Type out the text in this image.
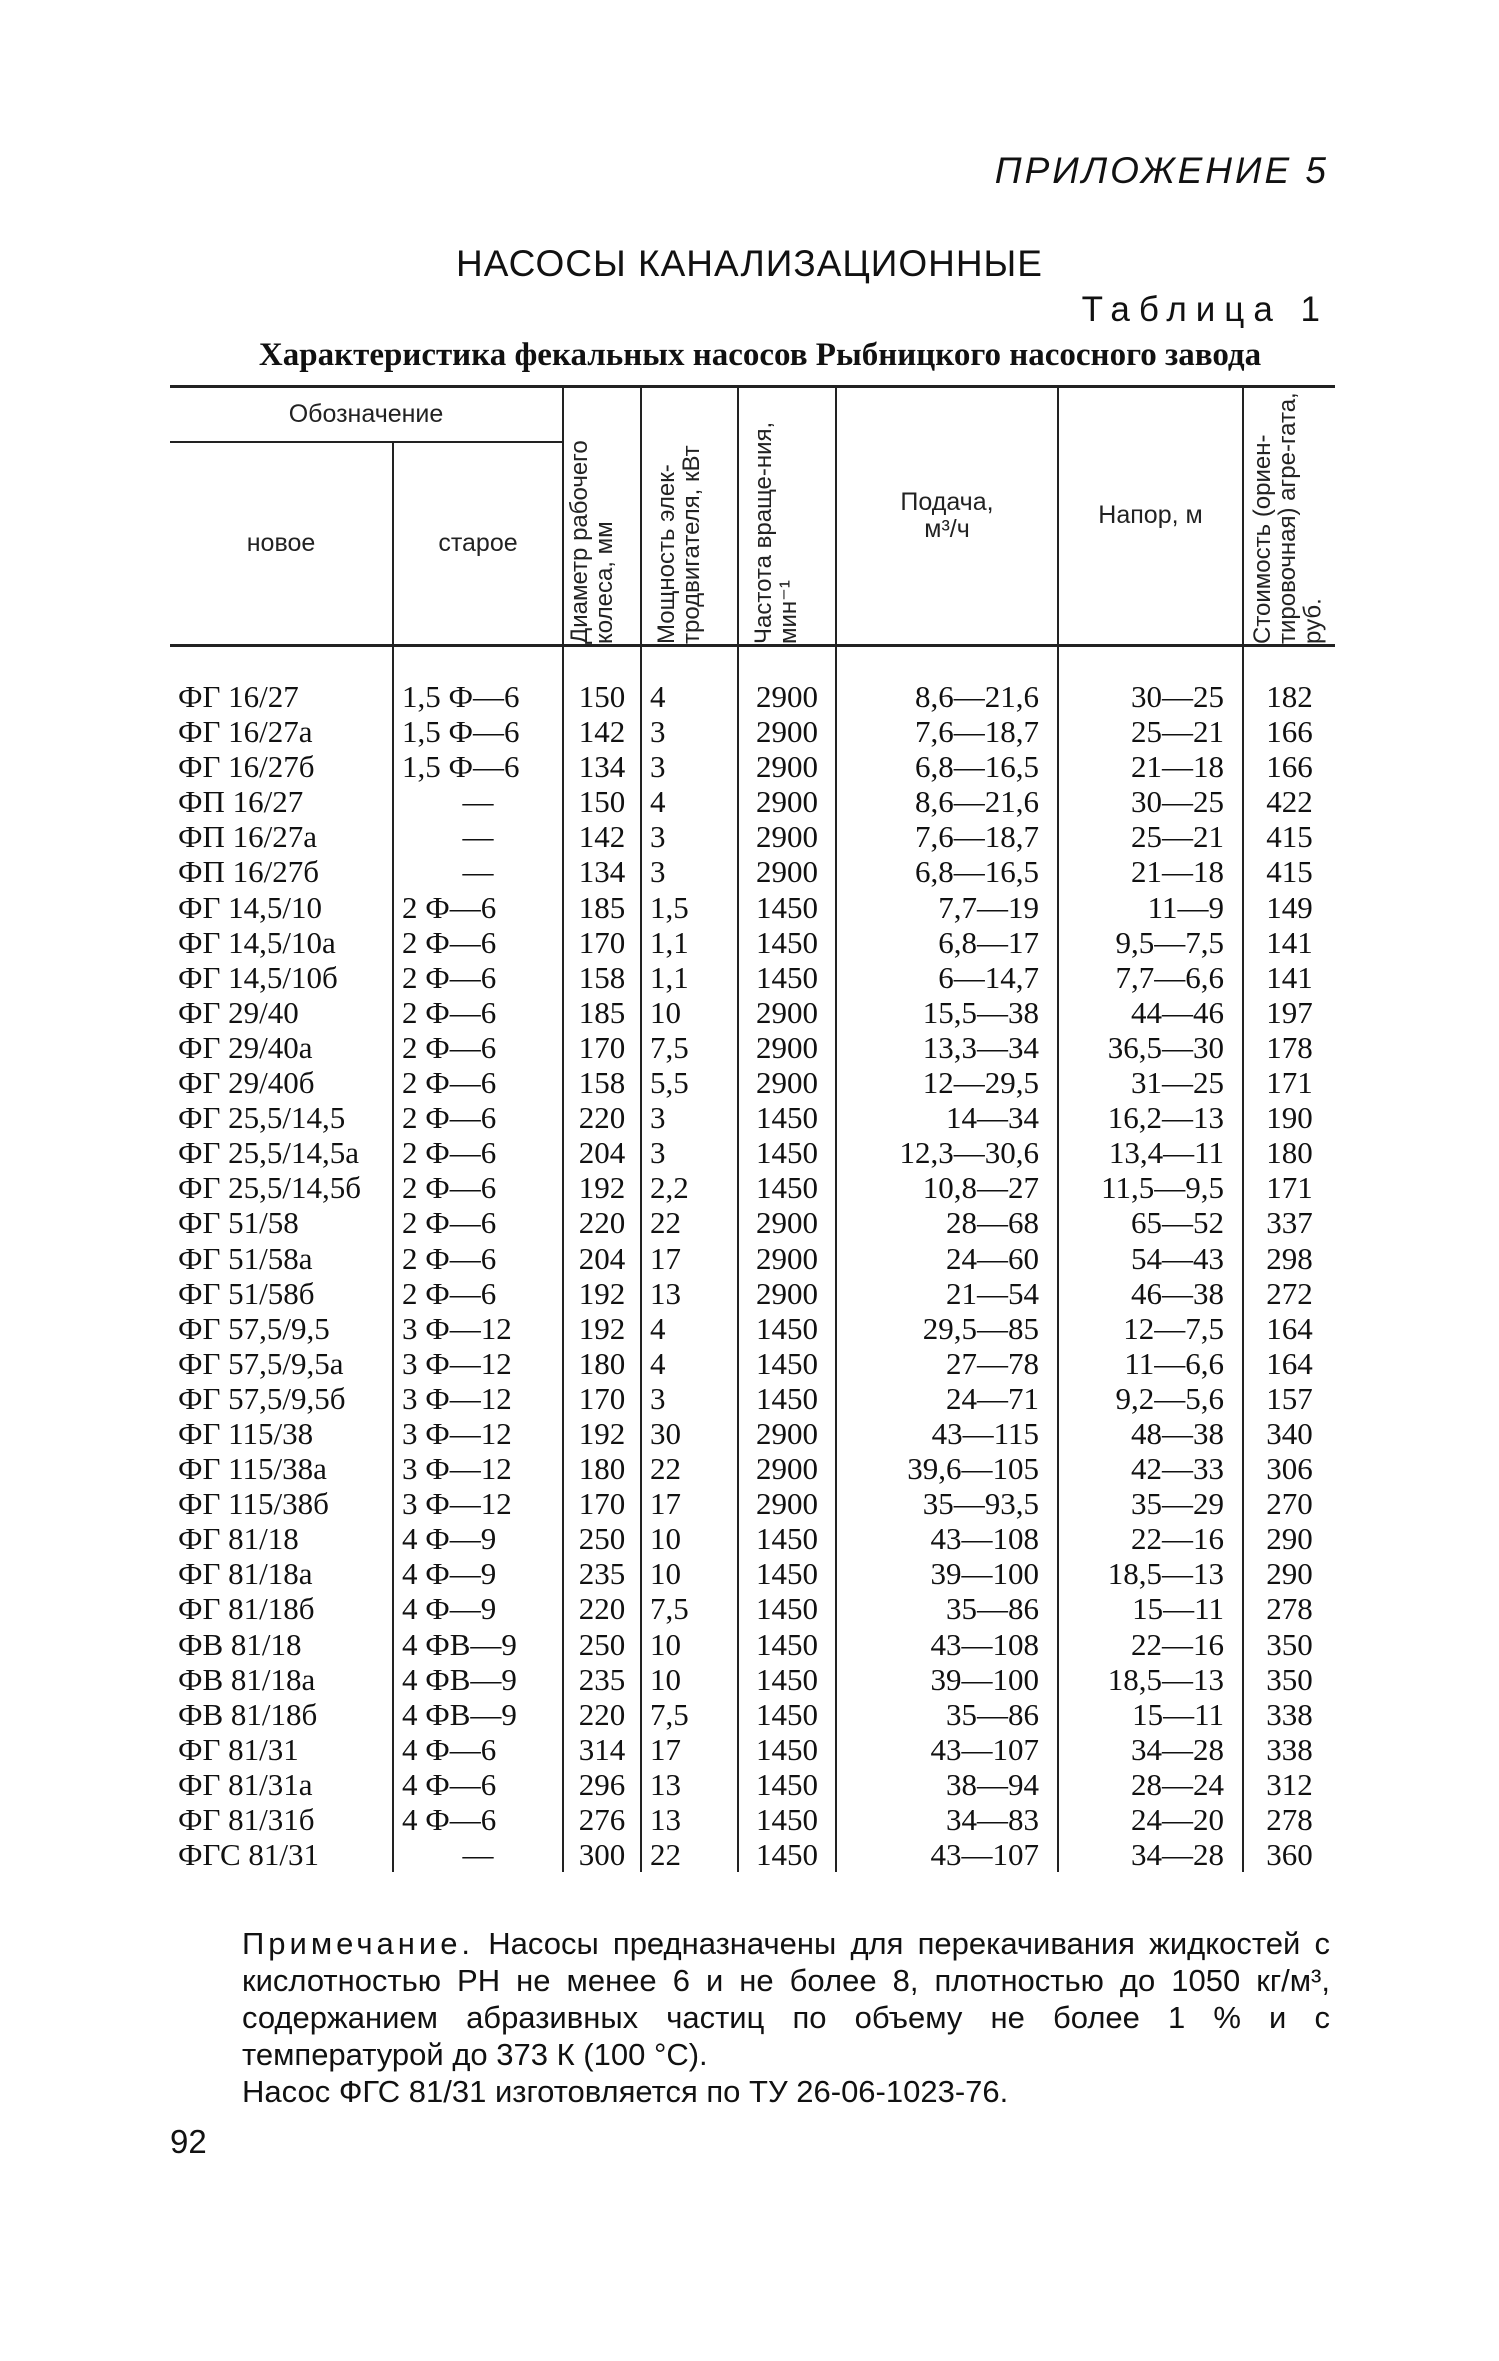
ПРИЛОЖЕНИЕ 5
НАСОСЫ КАНАЛИЗАЦИОННЫЕ
Таблица 1
Характеристика фекальных насосов Рыбницкого насосного завода
Обозначение		Диаметр рабочего колеса, мм	Мощность элек-тродвигателя, кВт	Частота враще-ния, мин⁻¹	Подача, м³/ч	Напор, м	Стоимость (ориен-тировочная) агре-гата, руб.

новое	старое						
ФГ 16/27	1,5 Ф—6	150	4	2900	8,6—21,6	30—25	182
ФГ 16/27а	1,5 Ф—6	142	3	2900	7,6—18,7	25—21	166
ФГ 16/27б	1,5 Ф—6	134	3	2900	6,8—16,5	21—18	166
ФП 16/27	—	150	4	2900	8,6—21,6	30—25	422
ФП 16/27а	—	142	3	2900	7,6—18,7	25—21	415
ФП 16/27б	—	134	3	2900	6,8—16,5	21—18	415
ФГ 14,5/10	2 Ф—6	185	1,5	1450	7,7—19	11—9	149
ФГ 14,5/10а	2 Ф—6	170	1,1	1450	6,8—17	9,5—7,5	141
ФГ 14,5/10б	2 Ф—6	158	1,1	1450	6—14,7	7,7—6,6	141
ФГ 29/40	2 Ф—6	185	10	2900	15,5—38	44—46	197
ФГ 29/40а	2 Ф—6	170	7,5	2900	13,3—34	36,5—30	178
ФГ 29/40б	2 Ф—6	158	5,5	2900	12—29,5	31—25	171
ФГ 25,5/14,5	2 Ф—6	220	3	1450	14—34	16,2—13	190
ФГ 25,5/14,5а	2 Ф—6	204	3	1450	12,3—30,6	13,4—11	180
ФГ 25,5/14,5б	2 Ф—6	192	2,2	1450	10,8—27	11,5—9,5	171
ФГ 51/58	2 Ф—6	220	22	2900	28—68	65—52	337
ФГ 51/58а	2 Ф—6	204	17	2900	24—60	54—43	298
ФГ 51/58б	2 Ф—6	192	13	2900	21—54	46—38	272
ФГ 57,5/9,5	3 Ф—12	192	4	1450	29,5—85	12—7,5	164
ФГ 57,5/9,5а	3 Ф—12	180	4	1450	27—78	11—6,6	164
ФГ 57,5/9,5б	3 Ф—12	170	3	1450	24—71	9,2—5,6	157
ФГ 115/38	3 Ф—12	192	30	2900	43—115	48—38	340
ФГ 115/38а	3 Ф—12	180	22	2900	39,6—105	42—33	306
ФГ 115/38б	3 Ф—12	170	17	2900	35—93,5	35—29	270
ФГ 81/18	4 Ф—9	250	10	1450	43—108	22—16	290
ФГ 81/18а	4 Ф—9	235	10	1450	39—100	18,5—13	290
ФГ 81/18б	4 Ф—9	220	7,5	1450	35—86	15—11	278
ФВ 81/18	4 ФВ—9	250	10	1450	43—108	22—16	350
ФВ 81/18а	4 ФВ—9	235	10	1450	39—100	18,5—13	350
ФВ 81/18б	4 ФВ—9	220	7,5	1450	35—86	15—11	338
ФГ 81/31	4 Ф—6	314	17	1450	43—107	34—28	338
ФГ 81/31а	4 Ф—6	296	13	1450	38—94	28—24	312
ФГ 81/31б	4 Ф—6	276	13	1450	34—83	24—20	278
ФГС 81/31	—	300	22	1450	43—107	34—28	360

Примечание. Насосы предназначены для перекачивания жидкостей с кислотностью PH не менее 6 и не более 8, плотностью до 1050 кг/м³, содержанием абразивных частиц по объему не более 1 % и с температурой до 373 К (100 °С).

Насос ФГС 81/31 изготовляется по ТУ 26-06-1023-76.

92
